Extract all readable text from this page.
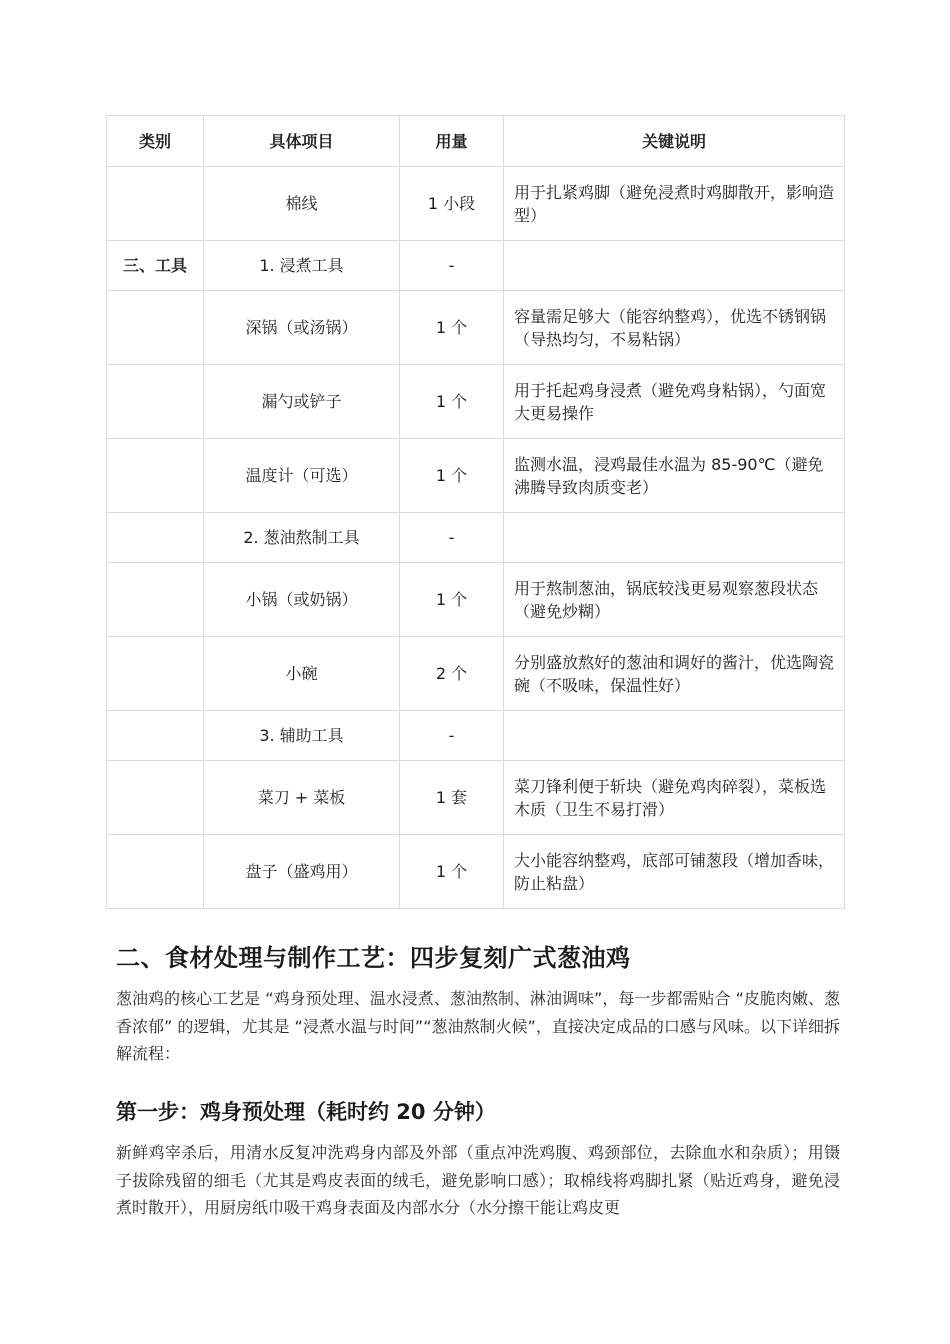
类别	具体项目	用量	关键说明
	棉线	1 小段	用于扎紧鸡脚（避免浸煮时鸡脚散开，影响造型）
三、工具	1. 浸煮工具	-	
	深锅（或汤锅）	1 个	容量需足够大（能容纳整鸡），优选不锈钢锅（导热均匀，不易粘锅）
	漏勺或铲子	1 个	用于托起鸡身浸煮（避免鸡身粘锅），勺面宽大更易操作
	温度计（可选）	1 个	监测水温，浸鸡最佳水温为 85-90℃（避免沸腾导致肉质变老）
	2. 葱油熬制工具	-	
	小锅（或奶锅）	1 个	用于熬制葱油，锅底较浅更易观察葱段状态（避免炒糊）
	小碗	2 个	分别盛放熬好的葱油和调好的酱汁，优选陶瓷碗（不吸味，保温性好）
	3. 辅助工具	-	
	菜刀 + 菜板	1 套	菜刀锋利便于斩块（避免鸡肉碎裂），菜板选木质（卫生不易打滑）
	盘子（盛鸡用）	1 个	大小能容纳整鸡，底部可铺葱段（增加香味，防止粘盘）
二、食材处理与制作工艺：四步复刻广式葱油鸡

葱油鸡的核心工艺是 “鸡身预处理、温水浸煮、葱油熬制、淋油调味”，每一步都需贴合 “皮脆肉嫩、葱香浓郁” 的逻辑，尤其是 “浸煮水温与时间”“葱油熬制火候”，直接决定成品的口感与风味。以下详细拆解流程：

第一步：鸡身预处理（耗时约 20 分钟）

新鲜鸡宰杀后，用清水反复冲洗鸡身内部及外部（重点冲洗鸡腹、鸡颈部位，去除血水和杂质）；用镊子拔除残留的细毛（尤其是鸡皮表面的绒毛，避免影响口感）；取棉线将鸡脚扎紧（贴近鸡身，避免浸煮时散开），用厨房纸巾吸干鸡身表面及内部水分（水分擦干能让鸡皮更
